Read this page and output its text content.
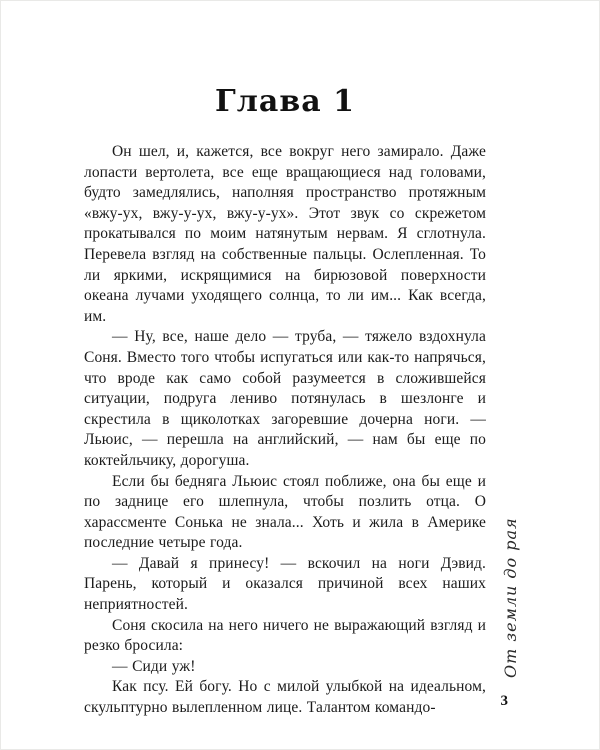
Глава 1

Он шел, и, кажется, все вокруг него замирало. Даже лопасти вертолета, все еще вращающиеся над головами, будто замедлялись, наполняя пространство протяжным «вжу-ух, вжу-у-ух, вжу-у-ух». Этот звук со скрежетом прокатывался по моим натянутым нервам. Я сглотнула. Перевела взгляд на собственные пальцы. Ослепленная. То ли яркими, искрящимися на бирюзовой поверхности океана лучами уходящего солнца, то ли им... Как всегда, им.

— Ну, все, наше дело — труба, — тяжело вздохнула Соня. Вместо того чтобы испугаться или как-то напрячься, что вроде как само собой разумеется в сложившейся ситуации, подруга лениво потянулась в шезлонге и скрестила в щиколотках загоревшие дочерна ноги. — Льюис, — перешла на английский, — нам бы еще по коктейльчику, дорогуша.

Если бы бедняга Льюис стоял поближе, она бы еще и по заднице его шлепнула, чтобы позлить отца. О харассменте Сонька не знала... Хоть и жила в Америке последние четыре года.

— Давай я принесу! — вскочил на ноги Дэвид. Парень, который и оказался причиной всех наших неприятностей.

Соня скосила на него ничего не выражающий взгляд и резко бросила:

— Сиди уж!

Как псу. Ей богу. Но с милой улыбкой на идеальном, скульптурно вылепленном лице. Талантом командо-

От земли до рая
3
